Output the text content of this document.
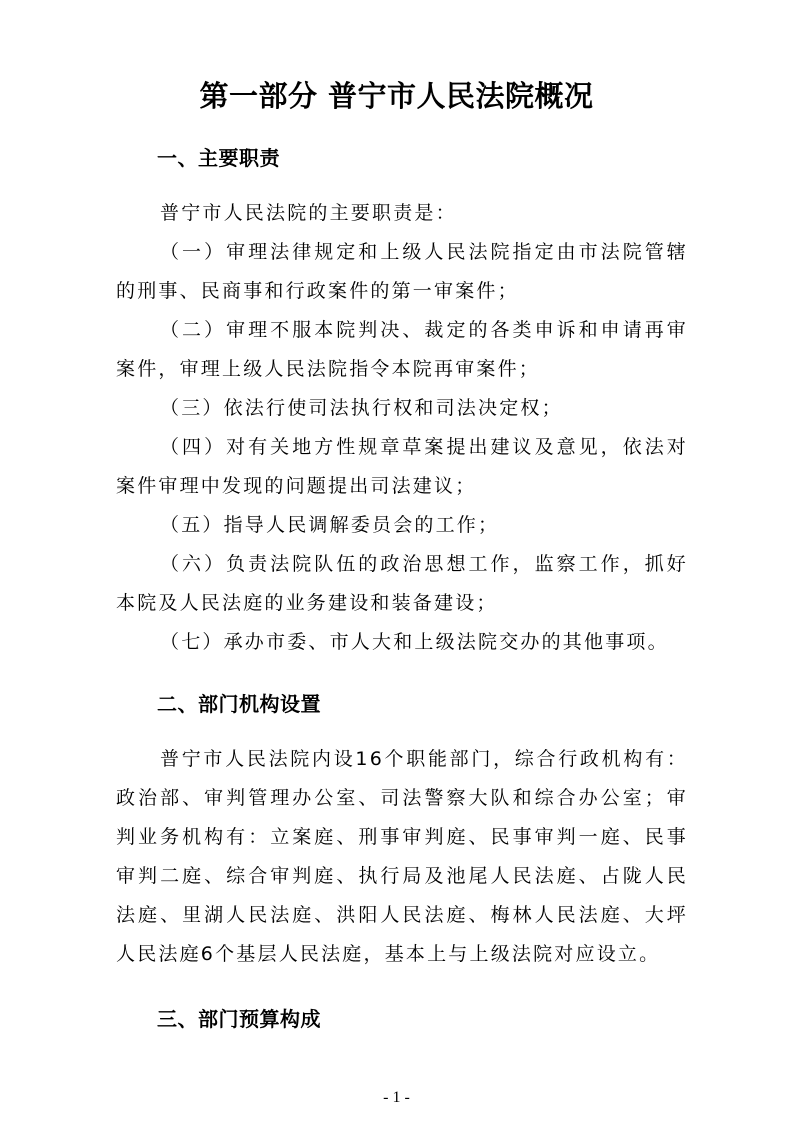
第一部分 普宁市人民法院概况
一、主要职责

普宁市人民法院的主要职责是：

（一）审理法律规定和上级人民法院指定由市法院管辖的刑事、民商事和行政案件的第一审案件；

（二）审理不服本院判决、裁定的各类申诉和申请再审案件，审理上级人民法院指令本院再审案件；

（三）依法行使司法执行权和司法决定权；

（四）对有关地方性规章草案提出建议及意见，依法对案件审理中发现的问题提出司法建议；

（五）指导人民调解委员会的工作；

（六）负责法院队伍的政治思想工作，监察工作，抓好本院及人民法庭的业务建设和装备建设；

（七）承办市委、市人大和上级法院交办的其他事项。

二、部门机构设置

普宁市人民法院内设16个职能部门，综合行政机构有：政治部、审判管理办公室、司法警察大队和综合办公室；审判业务机构有：立案庭、刑事审判庭、民事审判一庭、民事审判二庭、综合审判庭、执行局及池尾人民法庭、占陇人民法庭、里湖人民法庭、洪阳人民法庭、梅林人民法庭、大坪人民法庭6个基层人民法庭，基本上与上级法院对应设立。

三、部门预算构成
- 1 -
